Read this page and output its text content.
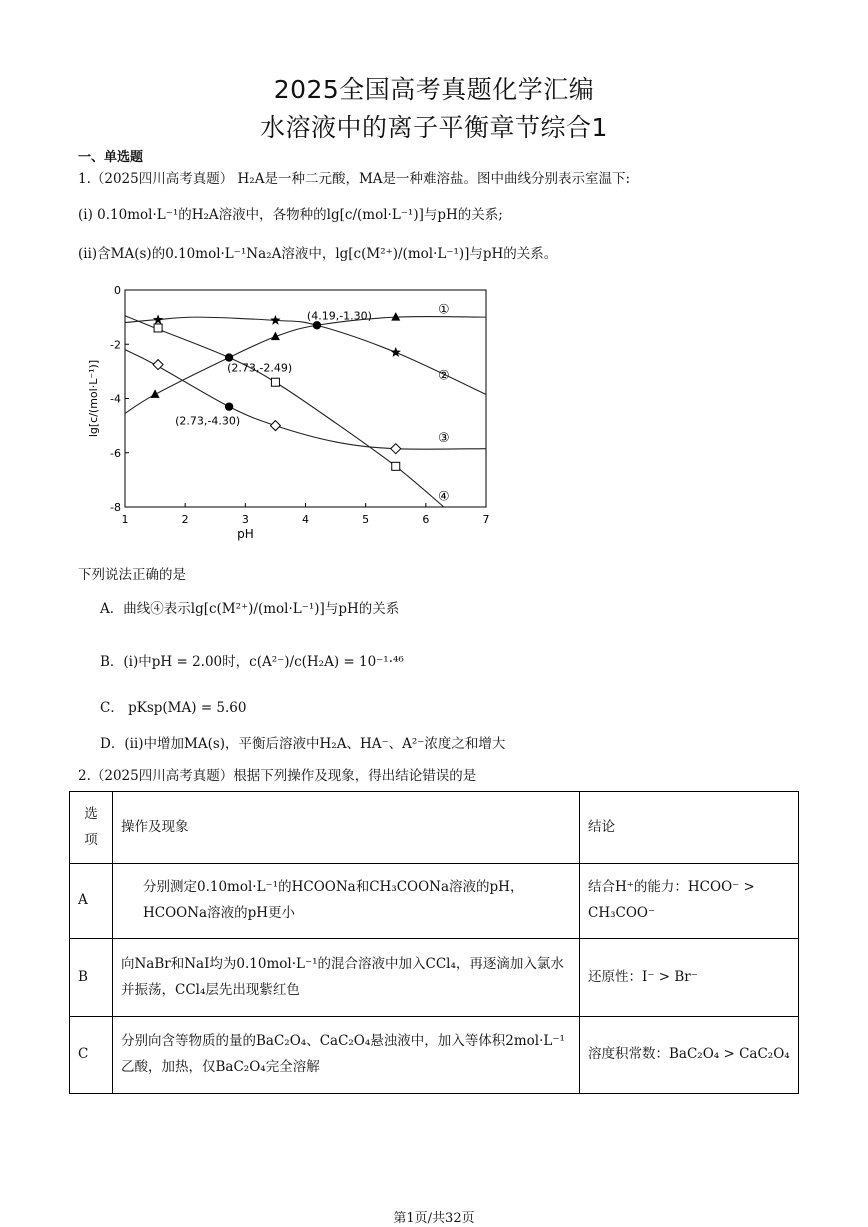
2025全国高考真题化学汇编
水溶液中的离子平衡章节综合1
一、单选题
1.（2025四川高考真题） H₂A是一种二元酸，MA是一种难溶盐。图中曲线分别表示室温下:
(i) 0.10mol·L⁻¹的H₂A溶液中，各物种的lg[c/(mol·L⁻¹)]与pH的关系;
(ⅱ)含MA(s)的0.10mol·L⁻¹Na₂A溶液中，lg[c(M²⁺)/(mol·L⁻¹)]与pH的关系。
1	2	3	4	5	6	7
0
-2
-4
-6
-8
pH
lg[c/(mol·L⁻¹)]
(4.19,-1.30)
(2.73,-2.49)
(2.73,-4.30)
①
②
③
④
下列说法正确的是
A．曲线④表示lg[c(M²⁺)/(mol·L⁻¹)]与pH的关系
B．(ⅰ)中pH = 2.00时，c(A²⁻)/c(H₂A) = 10⁻¹·⁴⁶
C． pKsp(MA) = 5.60
D．(ⅱ)中增加MA(s)，平衡后溶液中H₂A、HA⁻、A²⁻浓度之和增大
2.（2025四川高考真题）根据下列操作及现象，得出结论错误的是
选项	操作及现象	结论
A	分别测定0.10mol·L⁻¹的HCOONa和CH₃COONa溶液的pH，HCOONa溶液的pH更小	结合H⁺的能力：HCOO⁻ > CH₃COO⁻
B	向NaBr和NaI均为0.10mol·L⁻¹的混合溶液中加入CCl₄，再逐滴加入氯水并振荡，CCl₄层先出现紫红色	还原性：I⁻ > Br⁻
C	分别向含等物质的量的BaC₂O₄、CaC₂O₄悬浊液中，加入等体积2mol·L⁻¹乙酸，加热，仅BaC₂O₄完全溶解	溶度积常数：BaC₂O₄ > CaC₂O₄
第1页/共32页
